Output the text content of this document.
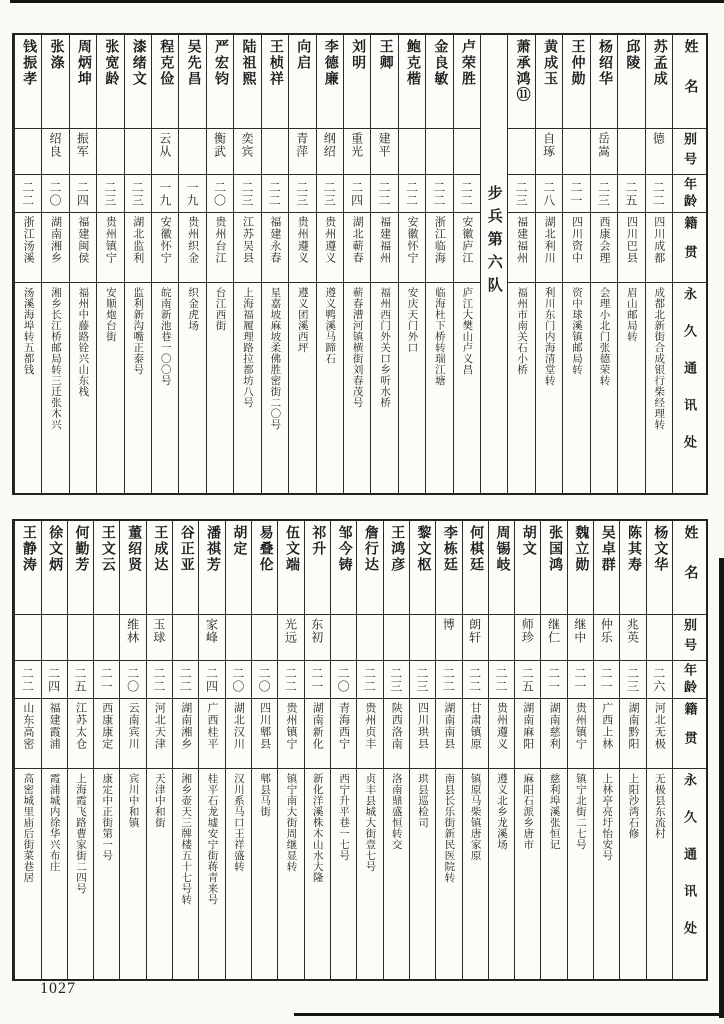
姓名
别号
年龄
籍贯
永久通讯处
苏孟成
德
二二
四川成都
成都北新街合成银行柴经理转
邱陵
二五
四川巴县
眉山邮局转
杨绍华
岳嵩
二三
西康会理
会理小北门张德荣转
王仲勋
二一
四川资中
资中球溪镇邮局转
黄成玉
自琢
二八
湖北利川
利川东门内海清堂转
萧承鸿⑪
二三
福建福州
福州市南关石小桥
步兵第六队
卢荣胜
二二
安徽庐江
庐江大樊山卢义昌
金良敏
二二
浙江临海
临海杜下桥转瑞江塘
鲍克楷
二二
安徽怀宁
安庆天门外口
王卿
建平
二二
福建福州
福州西门外关口乡听水桥
刘明
重光
二四
湖北蕲春
蕲春漕河镇横街刘春茂号
李德廉
纲绍
二三
贵州遵义
遵义鸭溪马蹄石
向启
青萍
二三
贵州遵义
遵义团溪西坪
王桢祥
二二
福建永春
星嘉坡麻坡柔佛胜密街二〇号
陆祖熙
奕宾
二三
江苏吴县
上海福履理路拉都坊八号
严宏钧
衡武
二〇
贵州台江
台江西街
吴先昌
一九
贵州织金
织金虎场
程克俭
云从
一九
安徽怀宁
皖南新池巷一〇〇号
漆绪文
二三
湖北监利
监利新沟嘴正泰号
张宽龄
二三
贵州镇宁
安顺炮台街
周炳坤
振军
二四
福建闽侯
福州中藤路铨兴山东栈
张涤
绍良
二〇
湖南湘乡
湘乡长江桥邮局转三迁张木兴
钱振孝
二二
浙江汤溪
汤溪海埠转五都钱
姓名
别号
年龄
籍贯
永久通讯处
杨文华
二六
河北无极
无极县东流村
陈其寿
兆英
二三
湖南黔阳
上阳沙湾石修
吴卓群
仲乐
二一
广西上林
上林亭亮圩怡安号
魏立勋
继中
二一
贵州镇宁
镇宁北街二七号
张国鸿
继仁
二一
湖南慈利
慈利埠溪张恒记
胡文
师珍
二五
湖南麻阳
麻阳石派乡唐市
周锡岐
二二
贵州遵义
遵义北乡龙溪场
何棋廷
朗轩
二二
甘肃镇原
镇原马柴镇唐家原
李栋廷
博
二二
湖南南县
南县长乐街新民医院转
黎文枢
二三
四川珙县
珙县巡检司
王鸿彦
二三
陕西洛南
洛南鼎盛恒转交
詹行达
二二
贵州贞丰
贞丰县城大街壹七号
邹今铸
二〇
青海西宁
西宁升平巷一七号
祁升
东初
二一
湖南新化
新化洋溪株木山水大隆
伍文端
光远
二二
贵州镇宁
镇宁南大街周继显转
易叠伦
二〇
四川郫县
郫县马街
胡定
二〇
湖北汉川
汉川系马口王祥盛转
潘祺芳
家峰
二四
广西桂平
桂平石龙墟安宁街蒋青来号
谷正亚
二二
湖南湘乡
湘乡壶天三牌楼五十七号转
王成达
玉球
二二
河北天津
天津中和街
董绍贤
维林
二〇
云南宾川
宾川中和镇
王文云
二一
西康康定
康定中正街第一号
何勤芳
二五
江苏太仓
上海霞飞路曹家街二四号
徐文炳
二四
福建霞浦
霞浦城内徐华兴布庄
王静涛
二二
山东高密
高密城里庙后街菜巷居
1027
